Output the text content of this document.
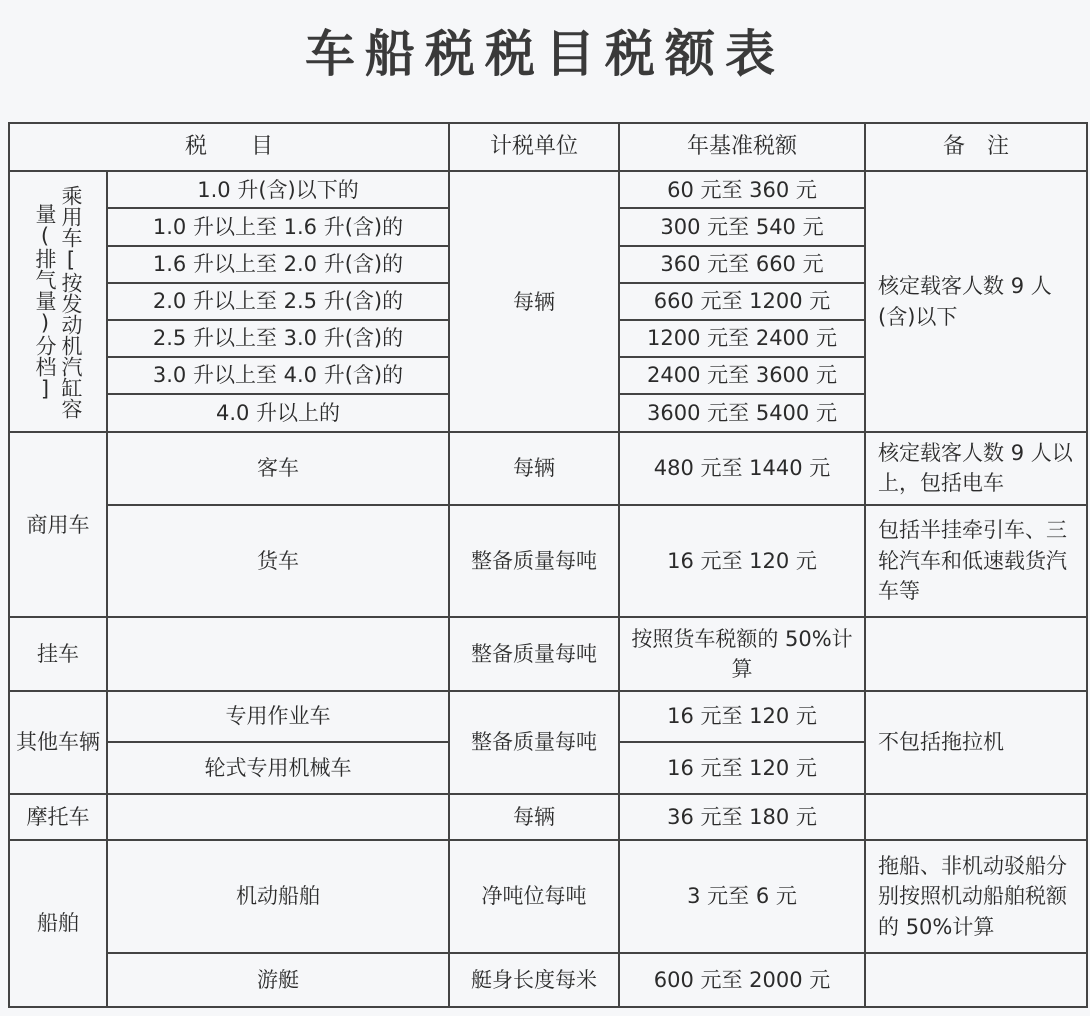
车船税税目税额表
税　　目		计税单位	年基准税额	备　注

乘用车[按发动机汽缸容量(排气量)分档]	1.0 升(含)以下的	每辆	60 元至 360 元	核定载客人数 9 人(含)以下
	1.0 升以上至 1.6 升(含)的		300 元至 540 元	
	1.6 升以上至 2.0 升(含)的		360 元至 660 元	
	2.0 升以上至 2.5 升(含)的		660 元至 1200 元	
	2.5 升以上至 3.0 升(含)的		1200 元至 2400 元	
	3.0 升以上至 4.0 升(含)的		2400 元至 3600 元	
	4.0 升以上的		3600 元至 5400 元	
商用车	客车	每辆	480 元至 1440 元	核定载客人数 9 人以上，包括电车
	货车	整备质量每吨	16 元至 120 元	包括半挂牵引车、三轮汽车和低速载货汽车等
挂车		整备质量每吨	按照货车税额的 50%计算	
其他车辆	专用作业车	整备质量每吨	16 元至 120 元	不包括拖拉机
	轮式专用机械车		16 元至 120 元	
摩托车		每辆	36 元至 180 元	
船舶	机动船舶	净吨位每吨	3 元至 6 元	拖船、非机动驳船分别按照机动船舶税额的 50%计算
	游艇	艇身长度每米	600 元至 2000 元	
